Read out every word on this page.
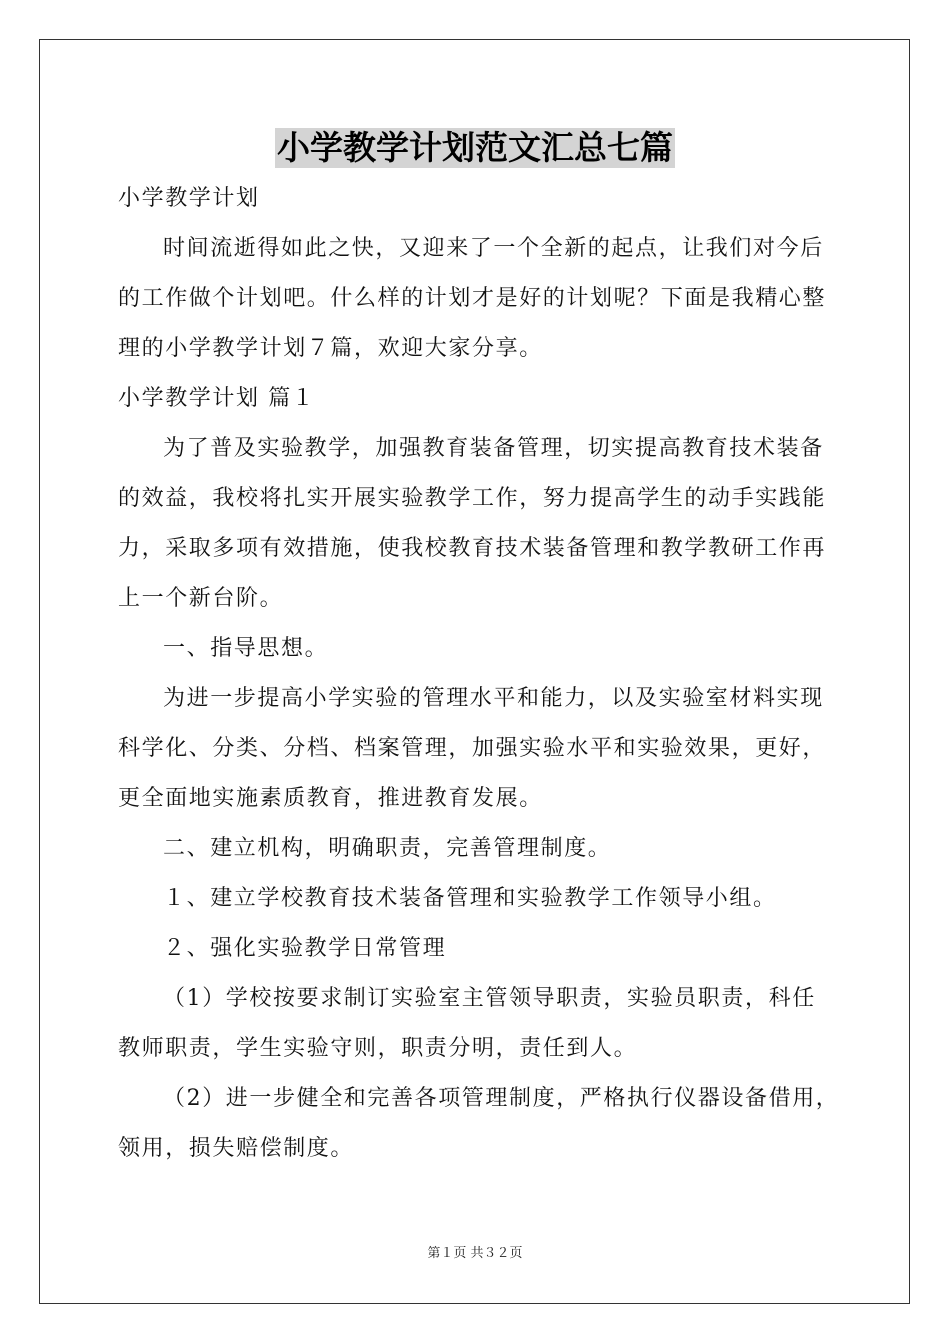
小学教学计划范文汇总七篇
小学教学计划
时间流逝得如此之快，又迎来了一个全新的起点，让我们对今后
的工作做个计划吧。什么样的计划才是好的计划呢？下面是我精心整
理的小学教学计划７篇，欢迎大家分享。
小学教学计划 篇１
为了普及实验教学，加强教育装备管理，切实提高教育技术装备
的效益，我校将扎实开展实验教学工作，努力提高学生的动手实践能
力，采取多项有效措施，使我校教育技术装备管理和教学教研工作再
上一个新台阶。
一、指导思想。
为进一步提高小学实验的管理水平和能力，以及实验室材料实现
科学化、分类、分档、档案管理，加强实验水平和实验效果，更好，
更全面地实施素质教育，推进教育发展。
二、建立机构，明确职责，完善管理制度。
１、建立学校教育技术装备管理和实验教学工作领导小组。
２、强化实验教学日常管理
（1）学校按要求制订实验室主管领导职责，实验员职责，科任
教师职责，学生实验守则，职责分明，责任到人。
（2）进一步健全和完善各项管理制度，严格执行仪器设备借用，
领用，损失赔偿制度。
第１页 共３２页
